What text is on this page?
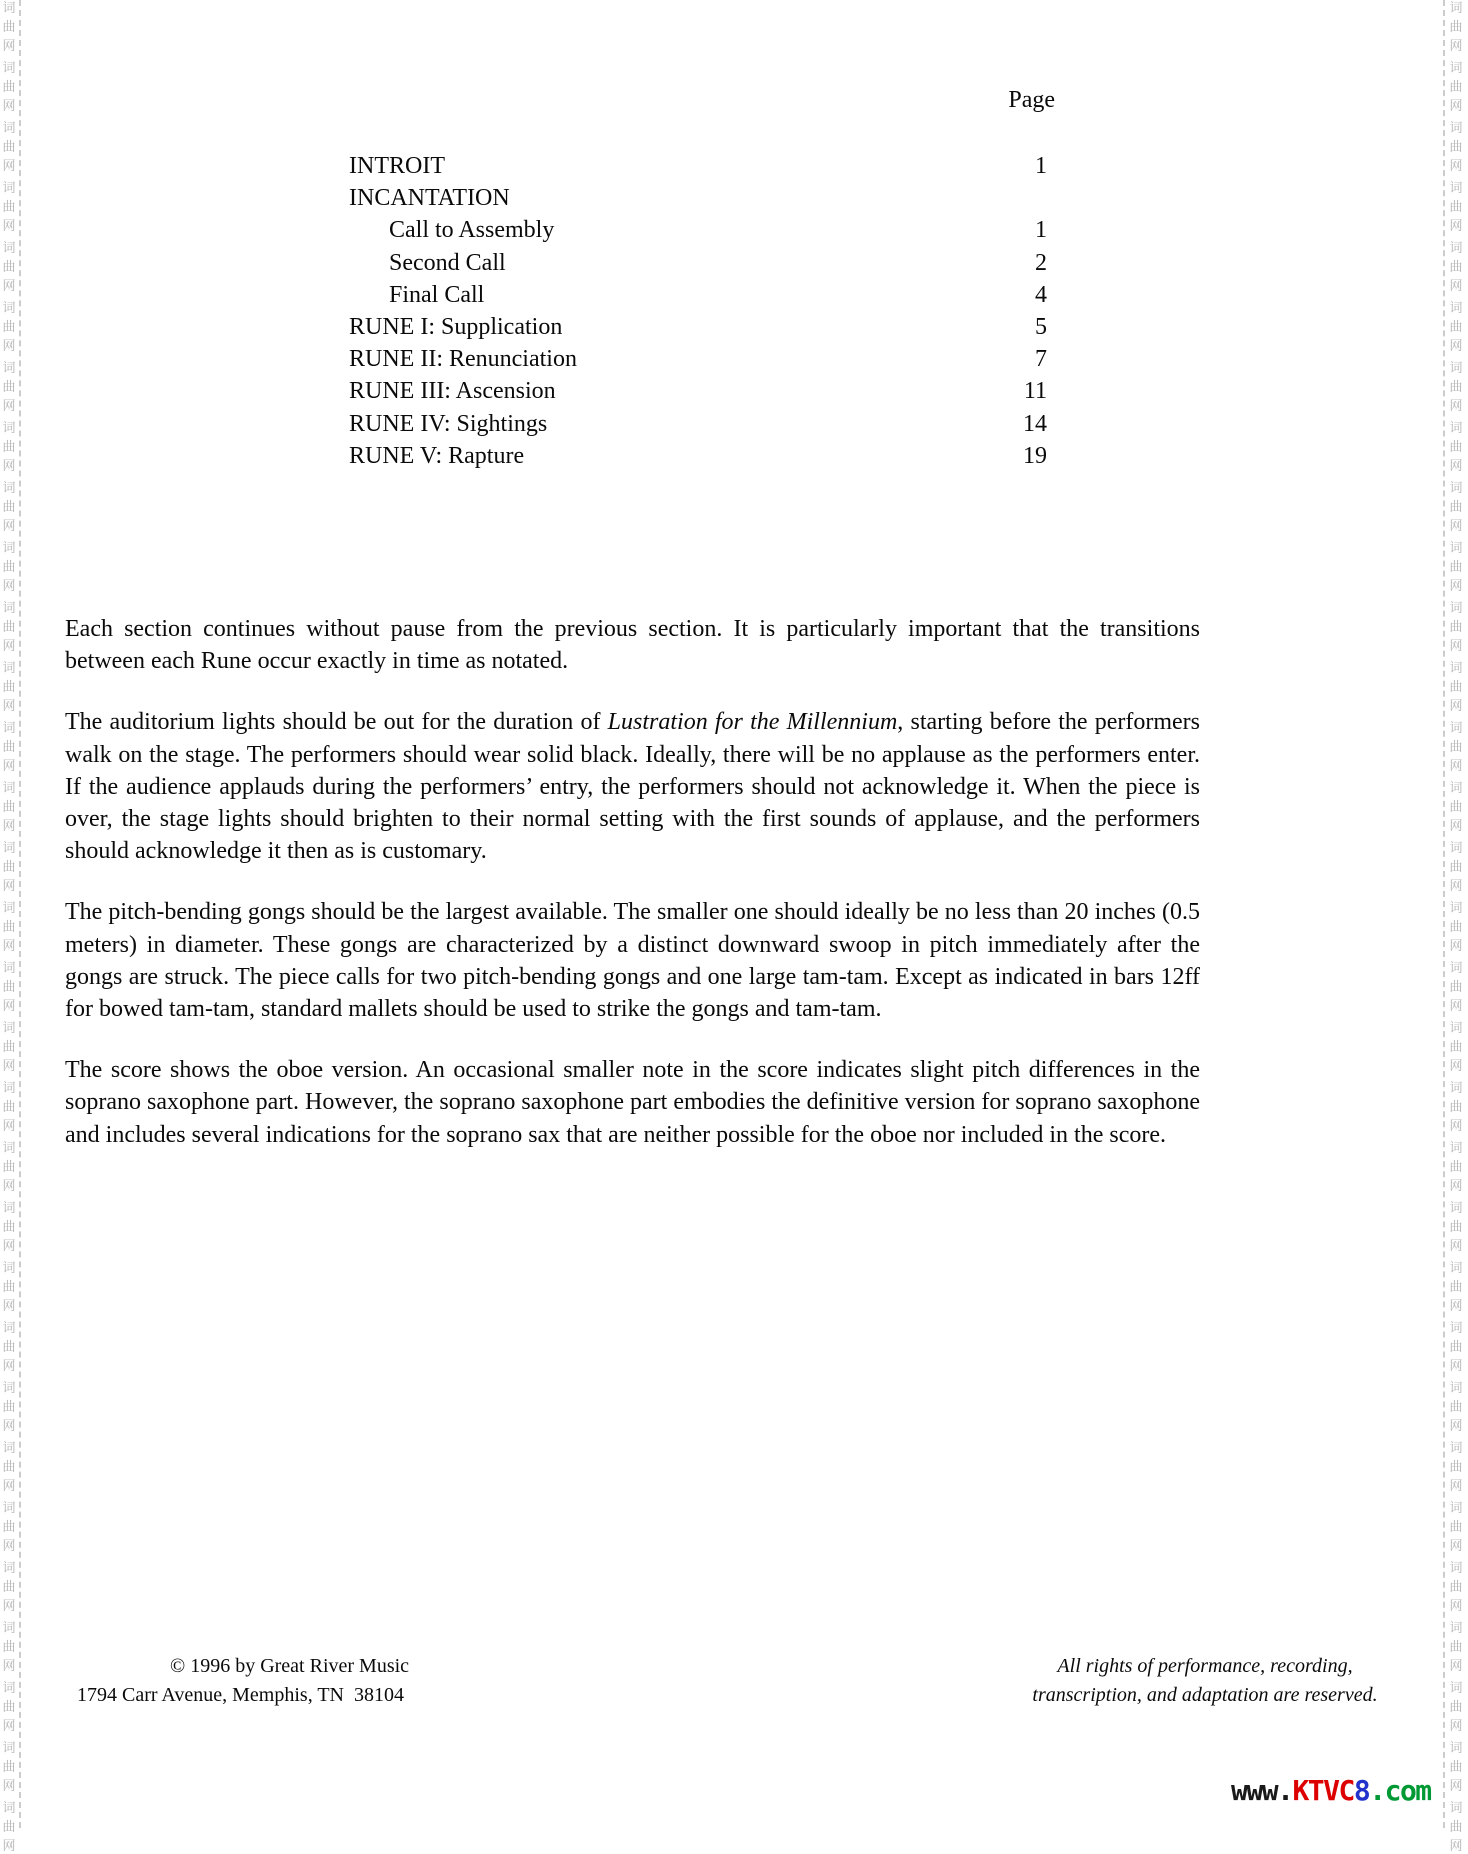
词
曲
网
词
曲
网
词
曲
网
词
曲
网
词
曲
网
词
曲
网
词
曲
网
词
曲
网
词
曲
网
词
曲
网
词
曲
网
词
曲
网
词
曲
网
词
曲
网
词
曲
网
词
曲
网
词
曲
网
词
曲
网
词
曲
网
词
曲
网
词
曲
网
词
曲
网
词
曲
网
词
曲
网
词
曲
网
词
曲
网
词
曲
网
词
曲
网
词
曲
网
词
曲
网
词
曲
网
词
曲
网
词
曲
网
词
曲
网
词
曲
网
词
曲
网
词
曲
网
词
曲
网
词
曲
网
词
曲
网
词
曲
网
词
曲
网
词
曲
网
词
曲
网
词
曲
网
词
曲
网
词
曲
网
词
曲
网
词
曲
网
词
曲
网
词
曲
网
词
曲
网
词
曲
网
词
曲
网
词
曲
网
词
曲
网
词
曲
网
词
曲
网
词
曲
网
词
曲
网
词
曲
网
词
曲
网
Page
INTROIT	1
INCANTATION
Call to Assembly	1
Second Call	2
Final Call	4
RUNE I: Supplication	5
RUNE II: Renunciation	7
RUNE III: Ascension	11
RUNE IV: Sightings	14
RUNE V: Rapture	19

Each section continues without pause from the previous section. It is particularly important that the transitions between each Rune occur exactly in time as notated.

The auditorium lights should be out for the duration of Lustration for the Millennium, starting before the performers walk on the stage. The performers should wear solid black. Ideally, there will be no applause as the performers enter. If the audience applauds during the performers’ entry, the performers should not acknowledge it. When the piece is over, the stage lights should brighten to their normal setting with the first sounds of applause, and the performers should acknowledge it then as is customary.

The pitch-bending gongs should be the largest available. The smaller one should ideally be no less than 20 inches (0.5 meters) in diameter. These gongs are characterized by a distinct downward swoop in pitch immediately after the gongs are struck. The piece calls for two pitch-bending gongs and one large tam-tam. Except as indicated in bars 12ff for bowed tam-tam, standard mallets should be used to strike the gongs and tam-tam.

The score shows the oboe version. An occasional smaller note in the score indicates slight pitch differences in the soprano saxophone part. However, the soprano saxophone part embodies the definitive version for soprano saxophone and includes several indications for the soprano sax that are neither possible for the oboe nor included in the score.

© 1996 by Great River Music
1794 Carr Avenue, Memphis, TN  38104
All rights of performance, recording,
transcription, and adaptation are reserved.
www.KTVC8.com
